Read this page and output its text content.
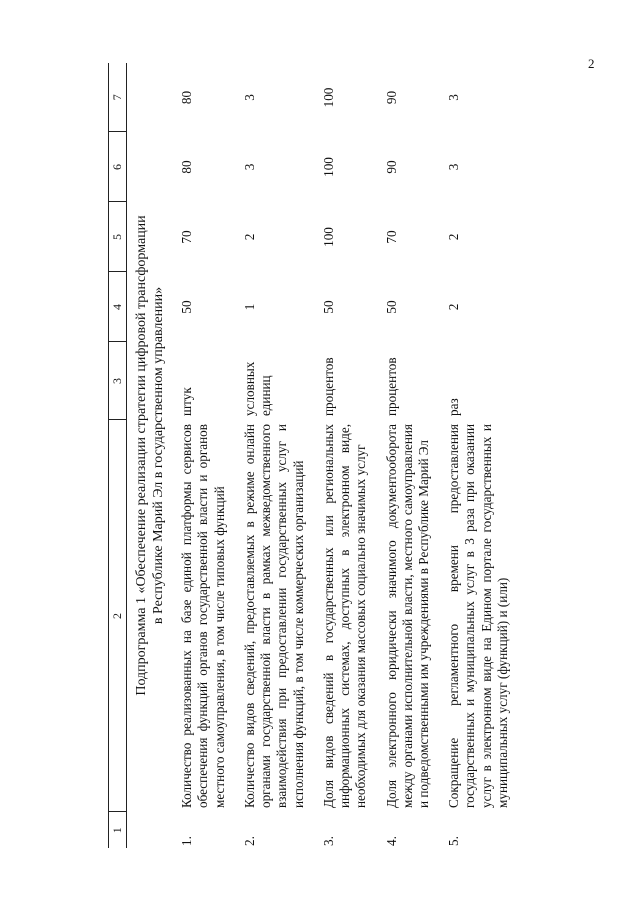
2
1	2	3	4	5	6	7

Подпрограмма 1 «Обеспечение реализации стратегии цифровой трансформации в Республике Марий Эл в государственном управлении»						

1.	Количество реализованных на базе единой платформы сервисов обеспечения функций органов государственной власти и органов местного самоуправления, в том числе типовых функций	штук	50	70	80	80
2.	Количество видов сведений, предоставляемых в режиме онлайн органами государственной власти в рамках межведомственного взаимодействия при предоставлении государственных услуг и исполнения функций, в том числе коммерческих организаций	условных единиц	1	2	3	3
3.	Доля видов сведений в государственных или региональных информационных системах, доступных в электронном виде, необходимых для оказания массовых социально значимых услуг	процентов	50	100	100	100
4.	Доля электронного юридически значимого документооборота между органами исполнительной власти, местного самоуправления и подведомственными им учреждениями в Республике Марий Эл	процентов	50	70	90	90
5.	Сокращение регламентного времени предоставления государственных и муниципальных услуг в 3 раза при оказании услуг в электронном виде на Едином портале государственных и муниципальных услуг (функций) и (или)	раз	2	2	3	3
